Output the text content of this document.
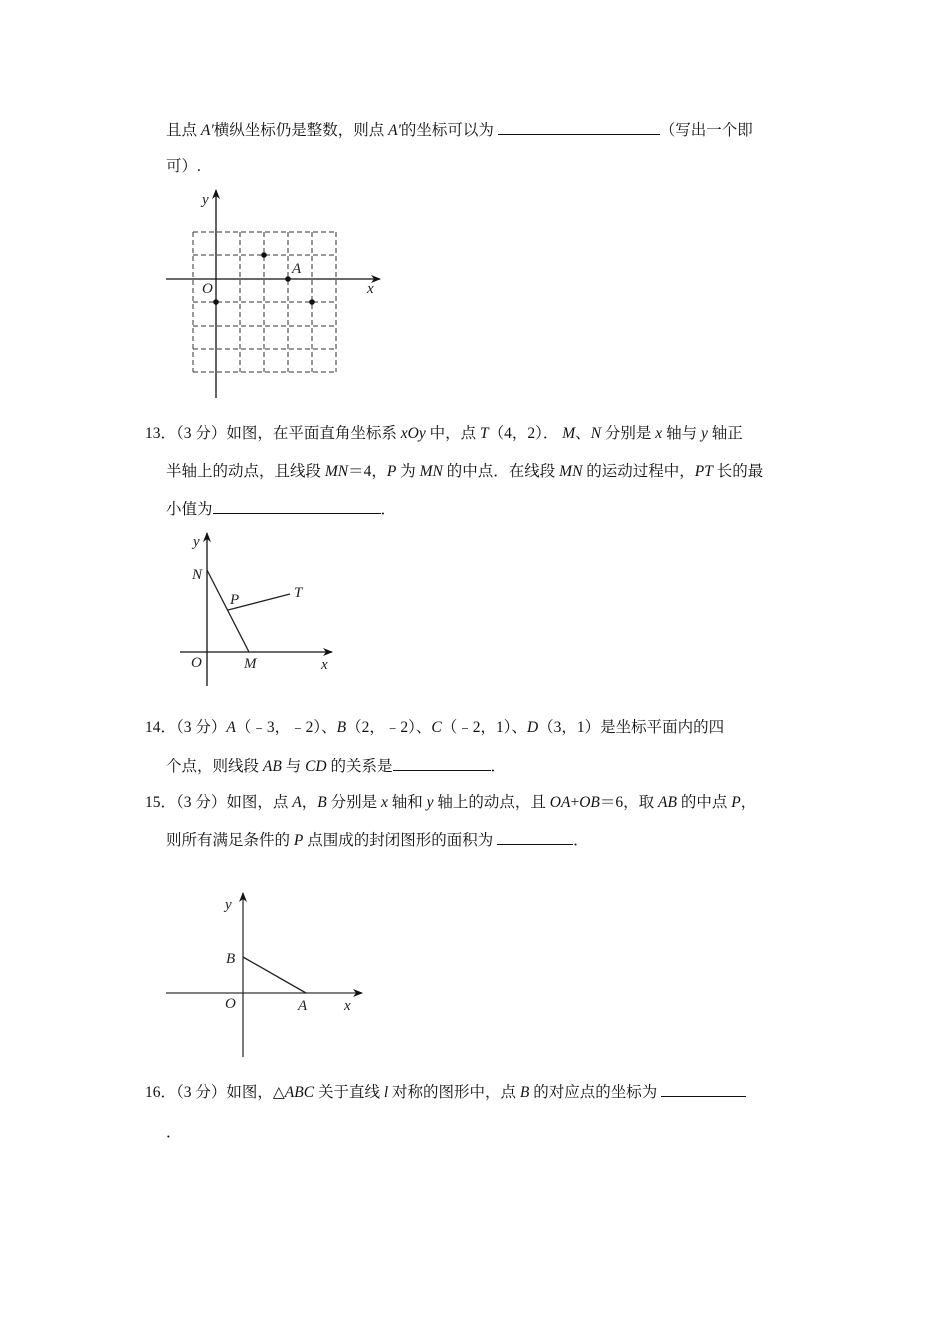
且点 A'横纵坐标仍是整数，则点 A'的坐标可以为	（写出一个即
可）.
13．（3 分）如图，在平面直角坐标系 xOy 中，点 T（4，2）． M、N 分别是 x 轴与 y 轴正
半轴上的动点，且线段 MN＝4，P 为 MN 的中点．在线段 MN 的运动过程中，PT 长的最
小值为	．
14．（3 分）A（﹣3，﹣2）、B（2，﹣2）、C（﹣2，1）、D（3，1）是坐标平面内的四
个点，则线段 AB 与 CD 的关系是	．
15．（3 分）如图，点 A，B 分别是 x 轴和 y 轴上的动点，且 OA+OB＝6，取 AB 的中点 P，
则所有满足条件的 P 点围成的封闭图形的面积为	．
16．（3 分）如图，△ABC 关于直线 l 对称的图形中，点 B 的对应点的坐标为
．
y
x
O
A
y
N
P	T
O	M	x
y
B
O	A x
